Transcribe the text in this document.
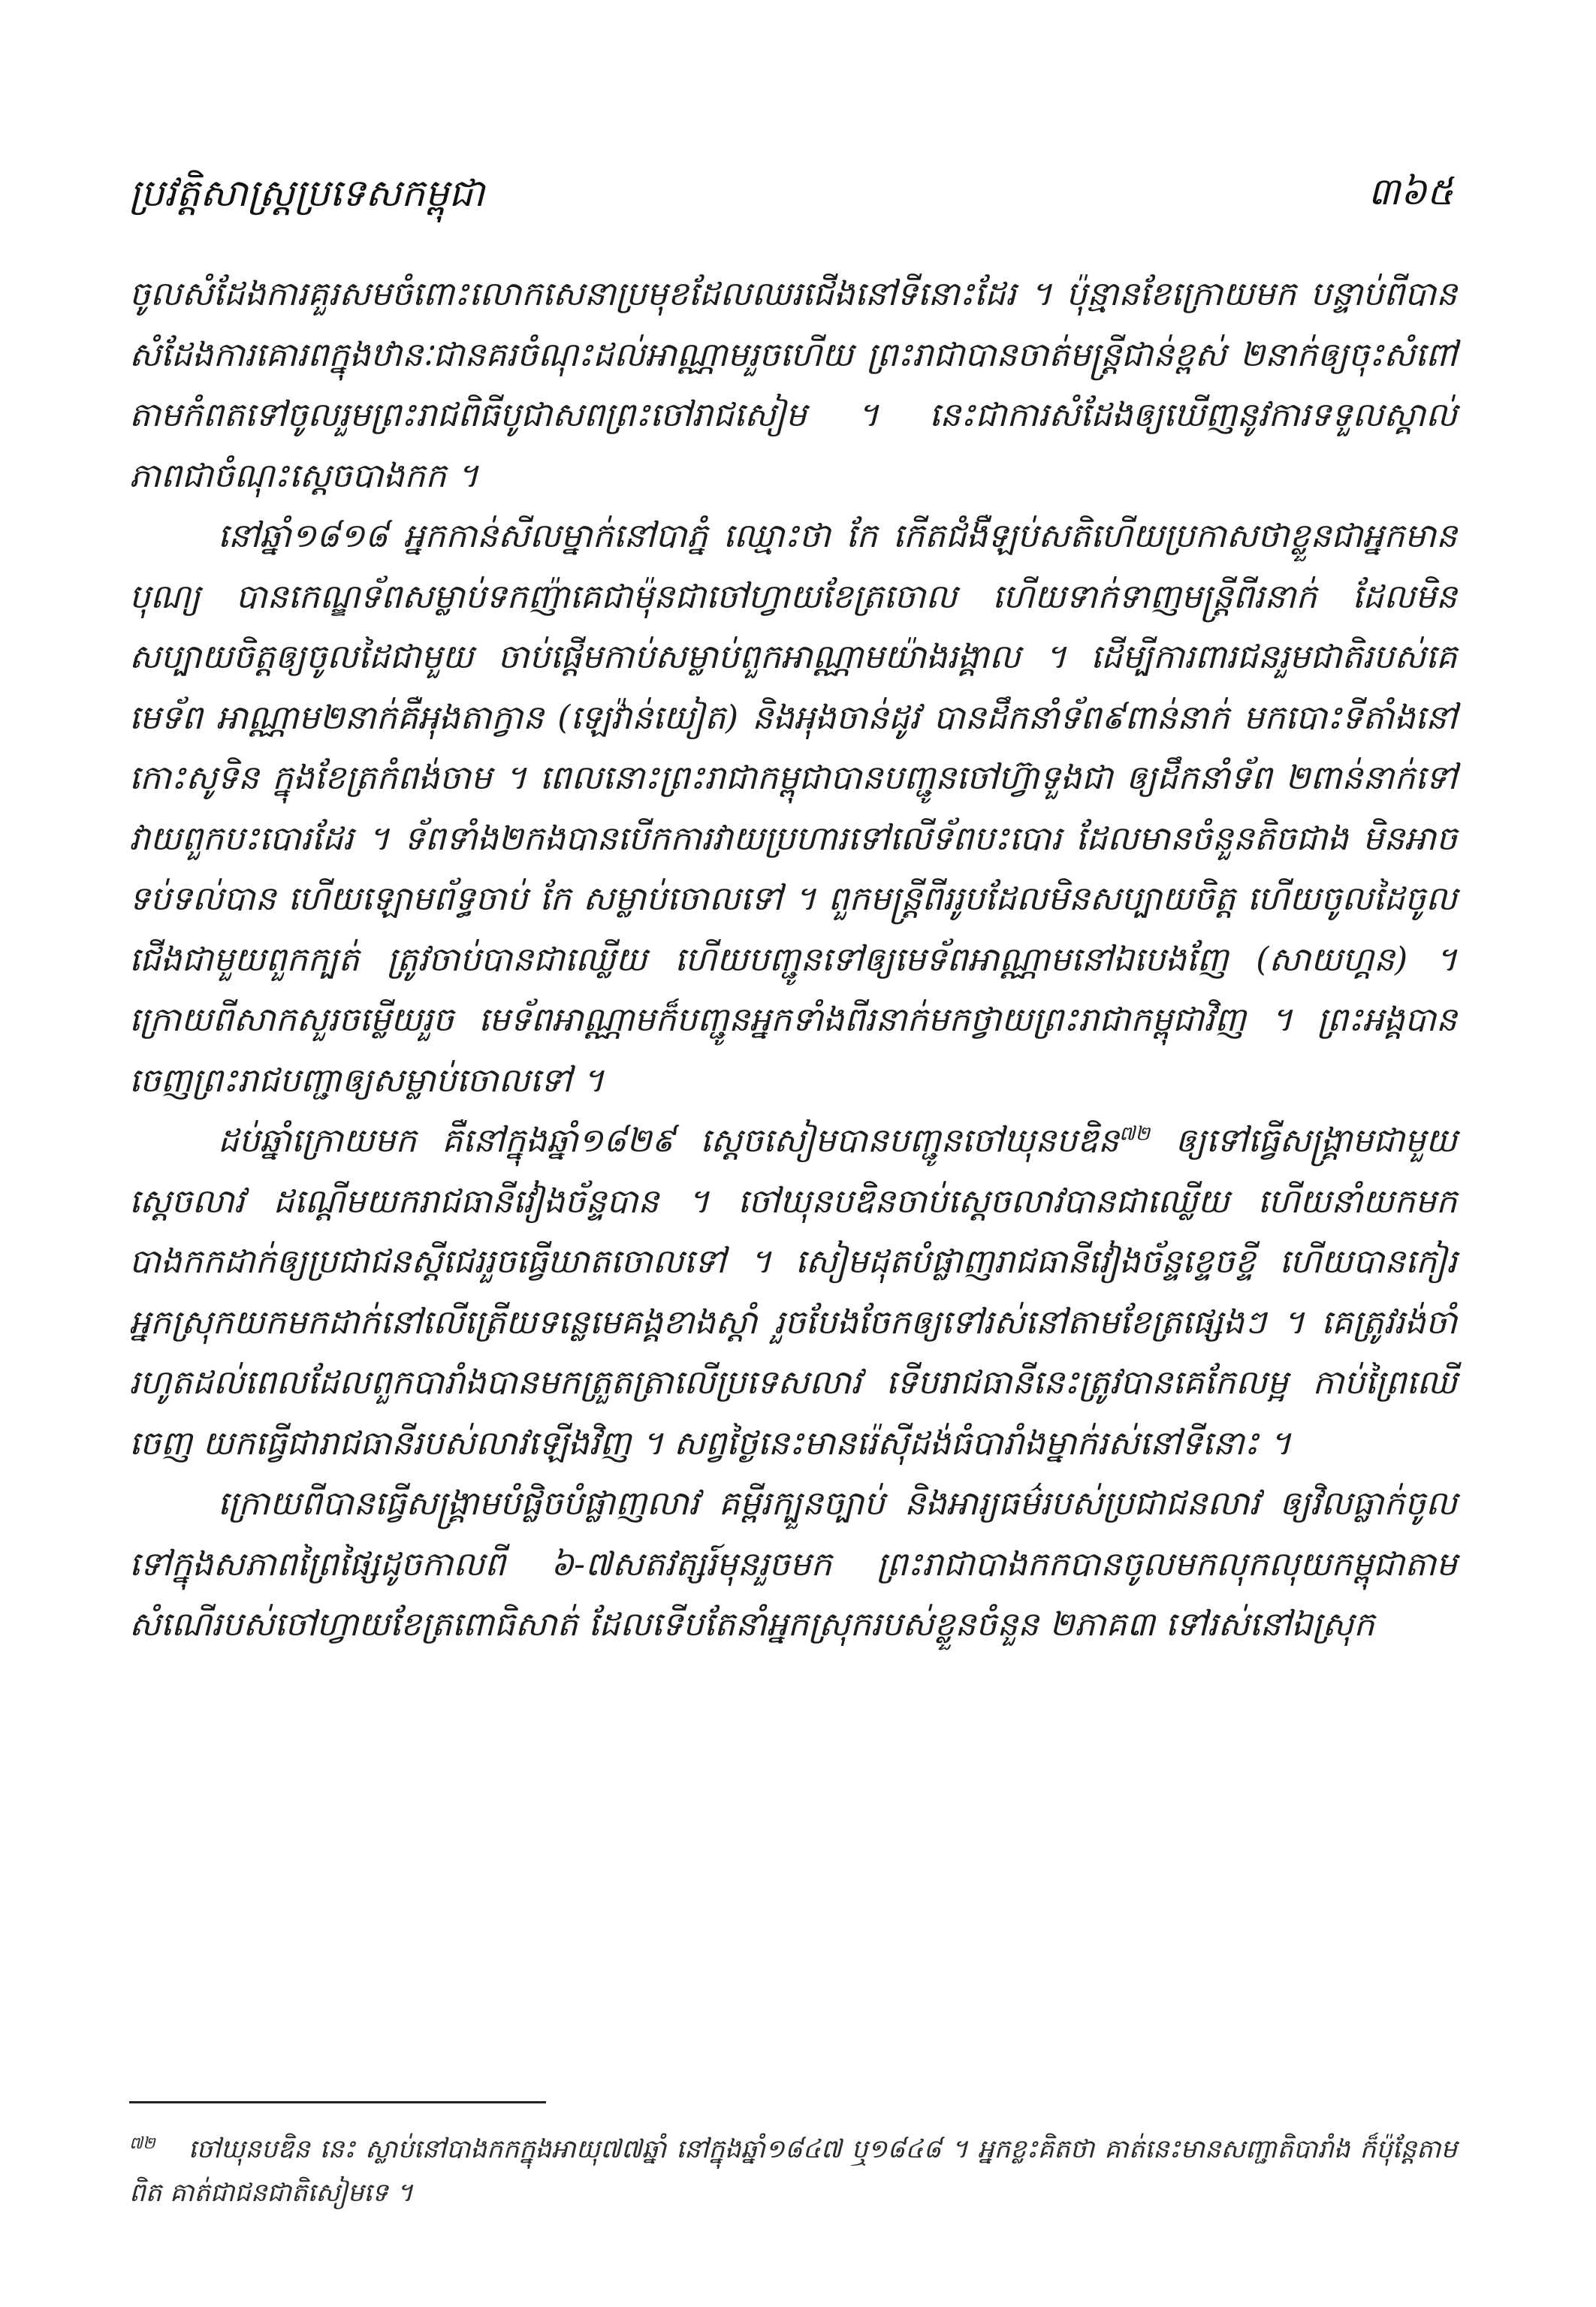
ប្រវត្តិសាស្ត្រប្រទេសកម្ពុជា	៣៦៥

ចូលសំដែងការគួរសមចំពោះលោកសេនាប្រមុខដែលឈរជើងនៅទីនោះដែរ ។ ប៉ុន្មានខែក្រោយមក បន្ទាប់ពីបានសំដែងការគោរពក្នុងឋានៈជានគរចំណុះដល់អាណ្ណាមរួចហើយ ព្រះរាជាបានចាត់មន្ត្រីជាន់ខ្ពស់ ២នាក់ឲ្យចុះសំពៅតាមកំពតទៅចូលរួមព្រះរាជពិធីបូជាសពព្រះចៅរាជសៀម ។ នេះជាការសំដែងឲ្យឃើញនូវការទទួលស្គាល់ភាពជាចំណុះស្តេចបាងកក ។

នៅឆ្នាំ១៨១៨ អ្នកកាន់សីលម្នាក់នៅបាភ្នំ ឈ្មោះថា កែ កើតជំងឺឡប់សតិហើយប្រកាសថាខ្លួនជាអ្នកមានបុណ្យ បានកេណ្ឌទ័ពសម្លាប់ទកញ៉ាគេជាម៉ុនជាចៅហ្វាយខែត្រចោល ហើយទាក់ទាញមន្ត្រីពីរនាក់ ដែលមិនសប្បាយចិត្តឲ្យចូលដៃជាមួយ ចាប់ផ្តើមកាប់សម្លាប់ពួកអាណ្ណាមយ៉ាងរង្គាល ។ ដើម្បីការពារជនរួមជាតិរបស់គេ មេទ័ព អាណ្ណាម២នាក់គឺអុងតាក្វាន (ឡេវ៉ាន់យៀត) និងអុងចាន់ដូវ បានដឹកនាំទ័ព៩ពាន់នាក់ មកបោះទីតាំងនៅកោះសូទិន ក្នុងខែត្រកំពង់ចាម ។ ពេលនោះព្រះរាជាកម្ពុជាបានបញ្ជូនចៅហ្វ៊ាទួងជា ឲ្យដឹកនាំទ័ព ២ពាន់នាក់ទៅវាយពួកបះបោរដែរ ។ ទ័ពទាំង២កងបានបើកការវាយប្រហារទៅលើទ័ពបះបោរ ដែលមានចំនួនតិចជាង មិនអាចទប់ទល់បាន ហើយឡោមព័ទ្ធចាប់ កែ សម្លាប់ចោលទៅ ។ ពួកមន្ត្រីពីររូបដែលមិនសប្បាយចិត្ត ហើយចូលដៃចូលជើងជាមួយពួកក្បត់ ត្រូវចាប់បានជាឈ្លើយ ហើយបញ្ជូនទៅឲ្យមេទ័ពអាណ្ណាមនៅឯបេងញែ (សាយហ្គន) ។ ក្រោយពីសាកសួរចម្លើយរួច មេទ័ពអាណ្ណាមក៏បញ្ជូនអ្នកទាំងពីរនាក់មកថ្វាយព្រះរាជាកម្ពុជាវិញ ។ ព្រះអង្គបានចេញព្រះរាជបញ្ជាឲ្យសម្លាប់ចោលទៅ ។

ដប់ឆ្នាំក្រោយមក គឺនៅក្នុងឆ្នាំ១៨២៩ ស្តេចសៀមបានបញ្ជូនចៅឃុនបឌិន$^{៧២}$ ឲ្យទៅធ្វើសង្គ្រាមជាមួយស្តេចលាវ ដណ្តើមយករាជធានីវៀងច័ន្ទបាន ។ ចៅឃុនបឌិនចាប់ស្តេចលាវបានជាឈ្លើយ ហើយនាំយកមកបាងកកដាក់ឲ្យប្រជាជនស្តីជេររួចធ្វើឃាតចោលទៅ ។ សៀមដុតបំផ្លាញរាជធានីវៀងច័ន្ទខ្ទេចខ្ទី ហើយបានកៀរអ្នកស្រុកយកមកដាក់នៅលើត្រើយទន្លេមេគង្គខាងស្តាំ រួចបែងចែកឲ្យទៅរស់នៅតាមខែត្រផ្សេងៗ ។ គេត្រូវរង់ចាំរហូតដល់ពេលដែលពួកបារាំងបានមកត្រួតត្រាលើប្រទេសលាវ ទើបរាជធានីនេះត្រូវបានគេកែលម្អ កាប់ព្រៃឈើចេញ យកធ្វើជារាជធានីរបស់លាវឡើងវិញ ។ សព្វថ្ងៃនេះមានរ៉េស៊ីដង់ធំបារាំងម្នាក់រស់នៅទីនោះ ។

ក្រោយពីបានធ្វើសង្គ្រាមបំផ្លិចបំផ្លាញលាវ គម្ពីរក្បួនច្បាប់ និងអារ្យធម៌របស់ប្រជាជនលាវ ឲ្យវិលធ្លាក់ចូលទៅក្នុងសភាពព្រៃផ្សៃដូចកាលពី ៦-៧សតវត្សរ៍មុនរួចមក ព្រះរាជាបាងកកបានចូលមកលុកលុយកម្ពុជាតាមសំណើរបស់ចៅហ្វាយខែត្រពោធិសាត់ ដែលទើបតែនាំអ្នកស្រុករបស់ខ្លួនចំនួន ២ភាគ៣ ទៅរស់នៅឯស្រុក

$^{៧២}$ ចៅឃុនបឌិន នេះ ស្លាប់នៅបាងកកក្នុងអាយុ៧៧ឆ្នាំ នៅក្នុងឆ្នាំ១៨៤៧ ឬ១៨៤៨ ។ អ្នកខ្លះគិតថា គាត់នេះមានសញ្ជាតិបារាំង ក៏ប៉ុន្តែតាមពិត គាត់ជាជនជាតិសៀមទេ ។
